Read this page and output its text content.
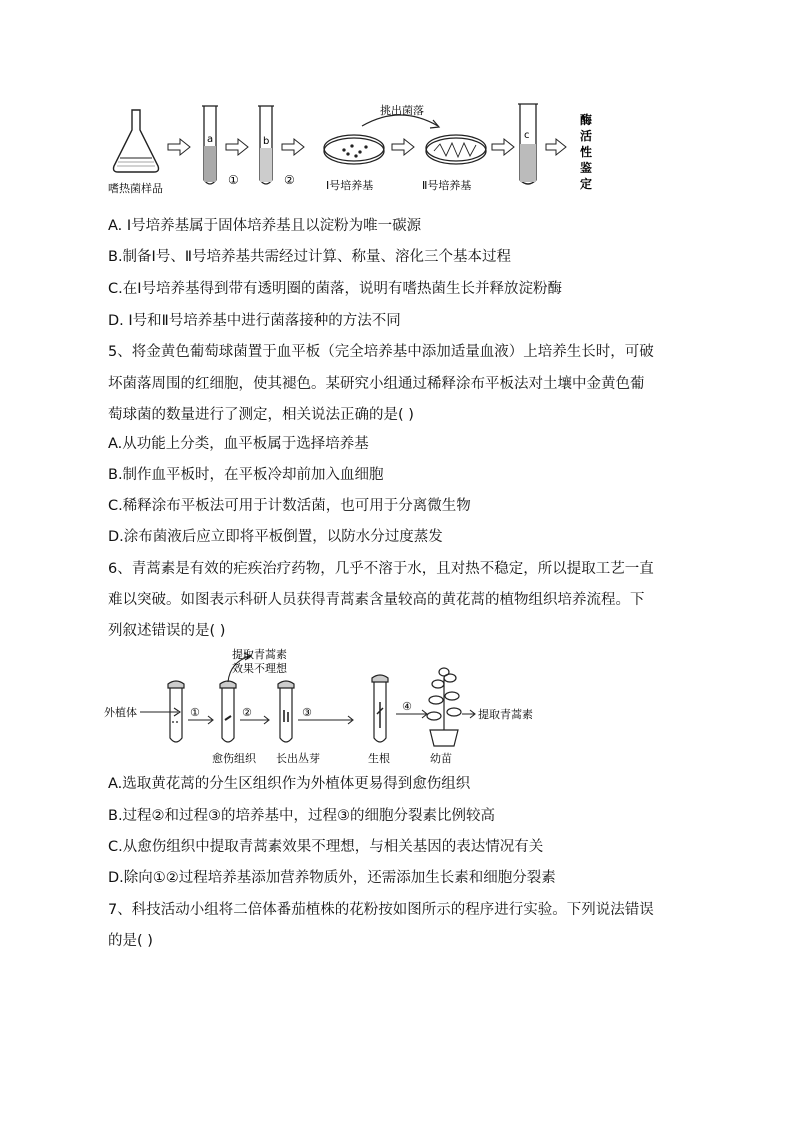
嗜热菌样品
a
①
b
②	Ⅰ号培养基
挑出菌落
Ⅱ号培养基
c
酶
活
性
鉴
定
A. Ⅰ号培养基属于固体培养基且以淀粉为唯一碳源
B.制备Ⅰ号、Ⅱ号培养基共需经过计算、称量、溶化三个基本过程
C.在Ⅰ号培养基得到带有透明圈的菌落，说明有嗜热菌生长并释放淀粉酶
D. Ⅰ号和Ⅱ号培养基中进行菌落接种的方法不同
5、将金黄色葡萄球菌置于血平板（完全培养基中添加适量血液）上培养生长时，可破
坏菌落周围的红细胞，使其褪色。某研究小组通过稀释涂布平板法对土壤中金黄色葡
萄球菌的数量进行了测定，相关说法正确的是( )
A.从功能上分类，血平板属于选择培养基
B.制作血平板时，在平板冷却前加入血细胞
C.稀释涂布平板法可用于计数活菌，也可用于分离微生物
D.涂布菌液后应立即将平板倒置，以防水分过度蒸发
6、青蒿素是有效的疟疾治疗药物，几乎不溶于水，且对热不稳定，所以提取工艺一直
难以突破。如图表示科研人员获得青蒿素含量较高的黄花蒿的植物组织培养流程。下
列叙述错误的是( )
外植体	①
提取青蒿素
效果不理想
②	③	④
提取青蒿素
愈伤组织 长出丛芽	生根	幼苗
A.选取黄花蒿的分生区组织作为外植体更易得到愈伤组织
B.过程②和过程③的培养基中，过程③的细胞分裂素比例较高
C.从愈伤组织中提取青蒿素效果不理想，与相关基因的表达情况有关
D.除向①②过程培养基添加营养物质外，还需添加生长素和细胞分裂素
7、科技活动小组将二倍体番茄植株的花粉按如图所示的程序进行实验。下列说法错误
的是( )
